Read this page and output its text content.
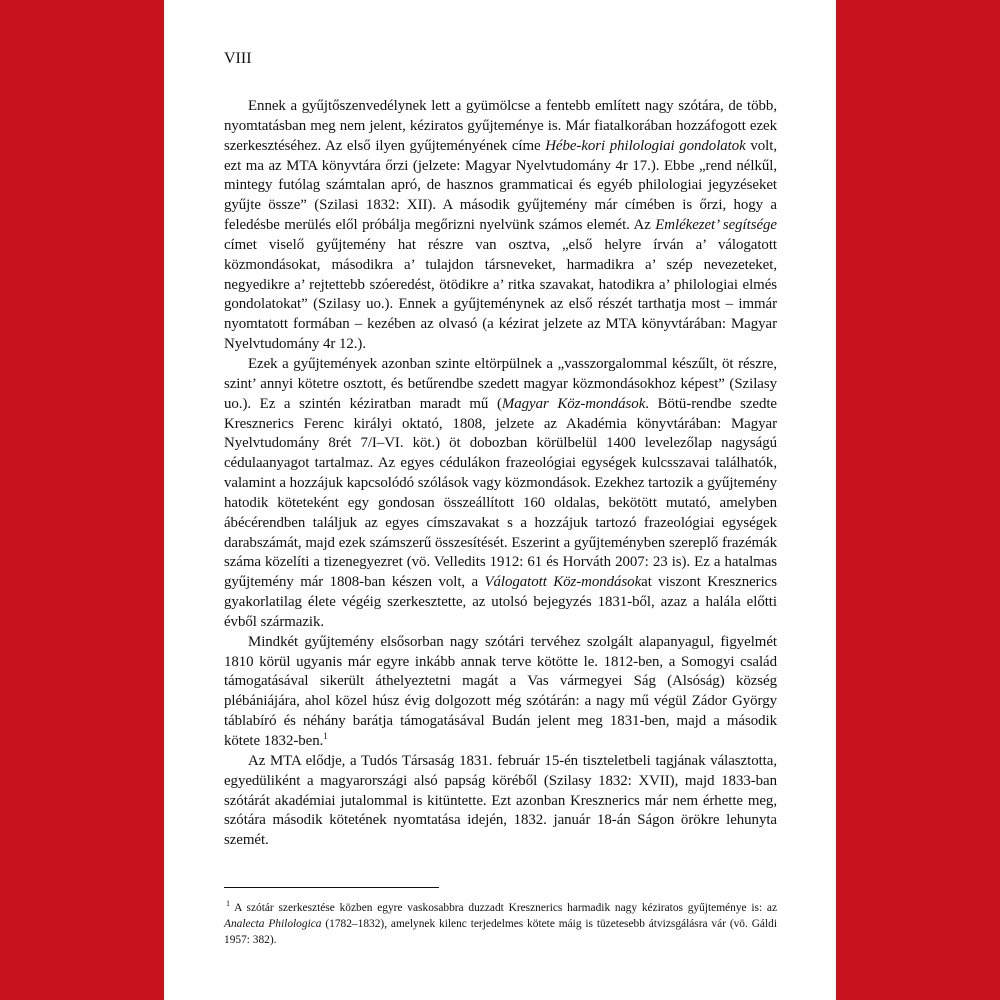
VIII

Ennek a gyűjtőszenvedélynek lett a gyümölcse a fentebb említett nagy szótára, de több, nyomtatásban meg nem jelent, kéziratos gyűjteménye is. Már fiatalkorában hozzáfogott ezek szerkesztéséhez. Az első ilyen gyűjteményének címe Hébe-kori philologiai gondolatok volt, ezt ma az MTA könyvtára őrzi (jelzete: Magyar Nyelvtudomány 4r 17.). Ebbe „rend nélkűl, mintegy futólag számtalan apró, de hasznos grammaticai és egyéb philologiai jegyzéseket gyűjte össze” (Szilasi 1832: XII). A második gyűjtemény már címében is őrzi, hogy a feledésbe merülés elől próbálja megőrizni nyelvünk számos elemét. Az Emlékezet’ segítsége címet viselő gyűjtemény hat részre van osztva, „első helyre írván a’ válogatott közmondásokat, másodikra a’ tulajdon társneveket, harmadikra a’ szép nevezeteket, negyedikre a’ rejtettebb szóeredést, ötödikre a’ ritka szavakat, hatodikra a’ philologiai elmés gondolatokat” (Szilasy uo.). Ennek a gyűjteménynek az első részét tarthatja most – immár nyomtatott formában – kezében az olvasó (a kézirat jelzete az MTA könyvtárában: Magyar Nyelvtudomány 4r 12.).

Ezek a gyűjtemények azonban szinte eltörpülnek a „vasszorgalommal készűlt, öt részre, szint’ annyi kötetre osztott, és betűrendbe szedett magyar közmondásokhoz képest” (Szilasy uo.). Ez a szintén kéziratban maradt mű (Magyar Köz-mondások. Bötü-rendbe szedte Kresznerics Ferenc királyi oktató, 1808, jelzete az Akadémia könyvtárában: Magyar Nyelvtudomány 8rét 7/I–VI. köt.) öt dobozban körülbelül 1400 levelezőlap nagyságú cédulaanyagot tartalmaz. Az egyes cédulákon frazeológiai egységek kulcsszavai találhatók, valamint a hozzájuk kapcsolódó szólások vagy közmondások. Ezekhez tartozik a gyűjtemény hatodik köteteként egy gondosan összeállított 160 oldalas, bekötött mutató, amelyben ábécérendben találjuk az egyes címszavakat s a hozzájuk tartozó frazeológiai egységek darabszámát, majd ezek számszerű összesítését. Eszerint a gyűjteményben szereplő frazémák száma közelíti a tizenegyezret (vö. Velledits 1912: 61 és Horváth 2007: 23 is). Ez a hatalmas gyűjtemény már 1808-ban készen volt, a Válogatott Köz-mondásokat viszont Kresznerics gyakorlatilag élete végéig szerkesztette, az utolsó bejegyzés 1831-ből, azaz a halála előtti évből származik.

Mindkét gyűjtemény elsősorban nagy szótári tervéhez szolgált alapanyagul, figyelmét 1810 körül ugyanis már egyre inkább annak terve kötötte le. 1812-ben, a Somogyi család támogatásával sikerült áthelyeztetni magát a Vas vármegyei Ság (Alsóság) község plébániájára, ahol közel húsz évig dolgozott még szótárán: a nagy mű végül Zádor György táblabíró és néhány barátja támogatásával Budán jelent meg 1831-ben, majd a második kötete 1832-ben.$^1$

Az MTA elődje, a Tudós Társaság 1831. február 15-én tiszteletbeli tagjának választotta, egyedüliként a magyarországi alsó papság köréből (Szilasy 1832: XVII), majd 1833-ban szótárát akadémiai jutalommal is kitüntette. Ezt azonban Kresznerics már nem érhette meg, szótára második kötetének nyomtatása idején, 1832. január 18-án Ságon örökre lehunyta szemét.

$^1$ A szótár szerkesztése közben egyre vaskosabbra duzzadt Kresznerics harmadik nagy kéziratos gyűjteménye is: az Analecta Philologica (1782–1832), amelynek kilenc terjedelmes kötete máig is tüzetesebb átvizsgálásra vár (vö. Gáldi 1957: 382).
